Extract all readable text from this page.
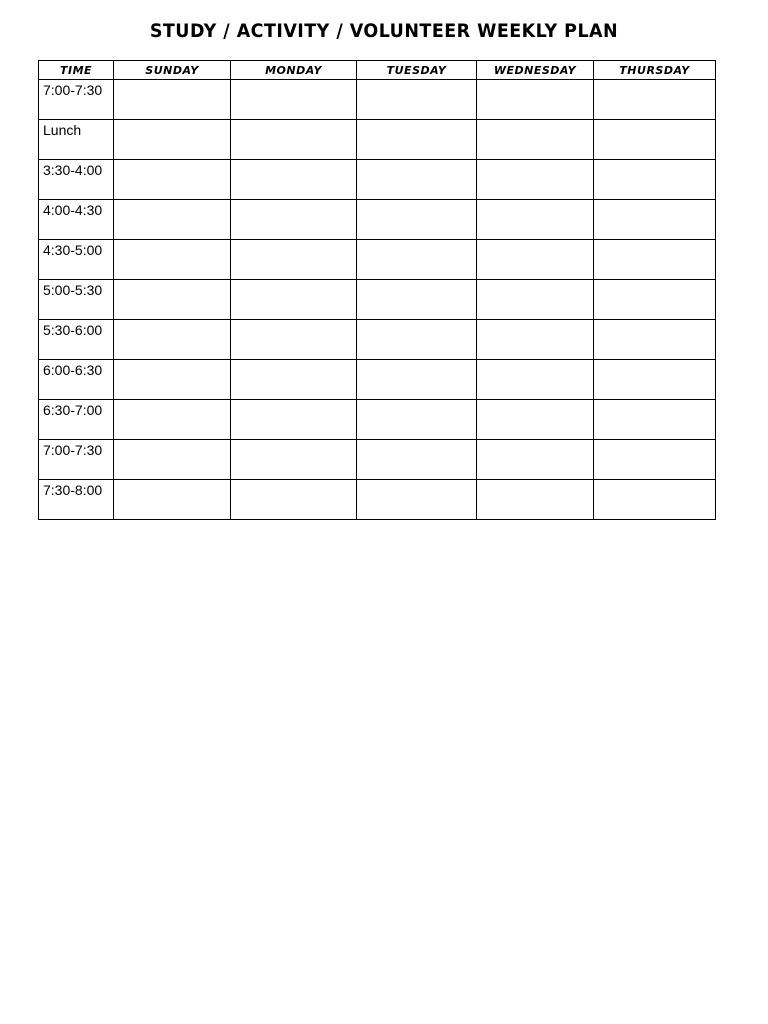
STUDY / ACTIVITY / VOLUNTEER WEEKLY PLAN
TIME	SUNDAY	MONDAY	TUESDAY	WEDNESDAY	THURSDAY
7:00-7:30					
Lunch					
3:30-4:00					
4:00-4:30					
4:30-5:00					
5:00-5:30					
5:30-6:00					
6:00-6:30					
6:30-7:00					
7:00-7:30					
7:30-8:00					
